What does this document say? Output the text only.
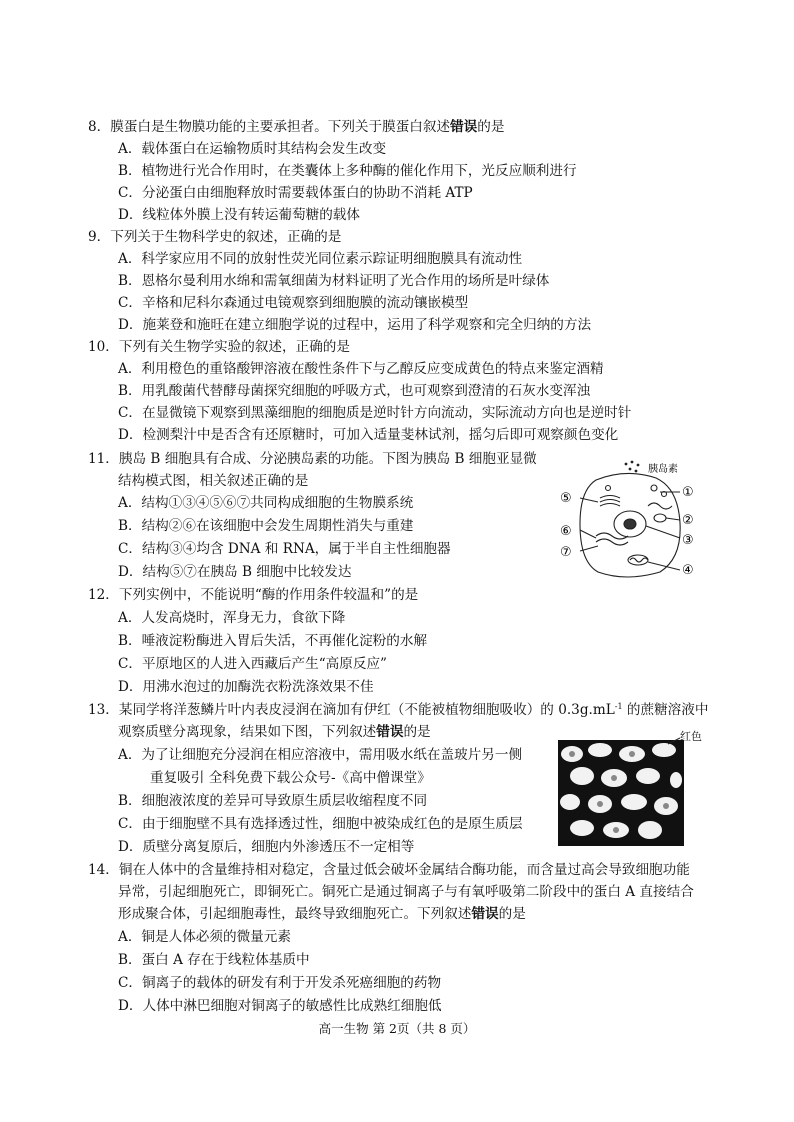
8．膜蛋白是生物膜功能的主要承担者。下列关于膜蛋白叙述错误的是
A．载体蛋白在运输物质时其结构会发生改变
B．植物进行光合作用时，在类囊体上多种酶的催化作用下，光反应顺利进行
C．分泌蛋白由细胞释放时需要载体蛋白的协助不消耗 ATP
D．线粒体外膜上没有转运葡萄糖的载体
9．下列关于生物科学史的叙述，正确的是
A．科学家应用不同的放射性荧光同位素示踪证明细胞膜具有流动性
B．恩格尔曼利用水绵和需氧细菌为材料证明了光合作用的场所是叶绿体
C．辛格和尼科尔森通过电镜观察到细胞膜的流动镶嵌模型
D．施莱登和施旺在建立细胞学说的过程中，运用了科学观察和完全归纳的方法
10．下列有关生物学实验的叙述，正确的是
A．利用橙色的重铬酸钾溶液在酸性条件下与乙醇反应变成黄色的特点来鉴定酒精
B．用乳酸菌代替酵母菌探究细胞的呼吸方式，也可观察到澄清的石灰水变浑浊
C．在显微镜下观察到黑藻细胞的细胞质是逆时针方向流动，实际流动方向也是逆时针
D．检测梨汁中是否含有还原糖时，可加入适量斐林试剂，摇匀后即可观察颜色变化
11．胰岛 B 细胞具有合成、分泌胰岛素的功能。下图为胰岛 B 细胞亚显微
结构模式图，相关叙述正确的是
A．结构①③④⑤⑥⑦共同构成细胞的生物膜系统
B．结构②⑥在该细胞中会发生周期性消失与重建
C．结构③④均含 DNA 和 RNA，属于半自主性细胞器
D．结构⑤⑦在胰岛 B 细胞中比较发达
胰岛素
①
②
③
④
⑤
⑥
⑦
12．下列实例中，不能说明“酶的作用条件较温和”的是
A．人发高烧时，浑身无力，食欲下降
B．唾液淀粉酶进入胃后失活，不再催化淀粉的水解
C．平原地区的人进入西藏后产生“高原反应”
D．用沸水泡过的加酶洗衣粉洗涤效果不佳
13．某同学将洋葱鳞片叶内表皮浸润在滴加有伊红（不能被植物细胞吸收）的 $0.3g.mL^{-1}$ 的蔗糖溶液中
观察质壁分离现象，结果如下图，下列叙述错误的是
A．为了让细胞充分浸润在相应溶液中，需用吸水纸在盖玻片另一侧
重复吸引 全科免费下载公众号-《高中僧课堂》
B．细胞液浓度的差异可导致原生质层收缩程度不同
C．由于细胞壁不具有选择透过性，细胞中被染成红色的是原生质层
D．质壁分离复原后，细胞内外渗透压不一定相等
红色
14．铜在人体中的含量维持相对稳定，含量过低会破坏金属结合酶功能，而含量过高会导致细胞功能
异常，引起细胞死亡，即铜死亡。铜死亡是通过铜离子与有氧呼吸第二阶段中的蛋白 A 直接结合
形成聚合体，引起细胞毒性，最终导致细胞死亡。下列叙述错误的是
A．铜是人体必须的微量元素
B．蛋白 A 存在于线粒体基质中
C．铜离子的载体的研发有利于开发杀死癌细胞的药物
D．人体中淋巴细胞对铜离子的敏感性比成熟红细胞低
高一生物 第 2页（共 8 页）
